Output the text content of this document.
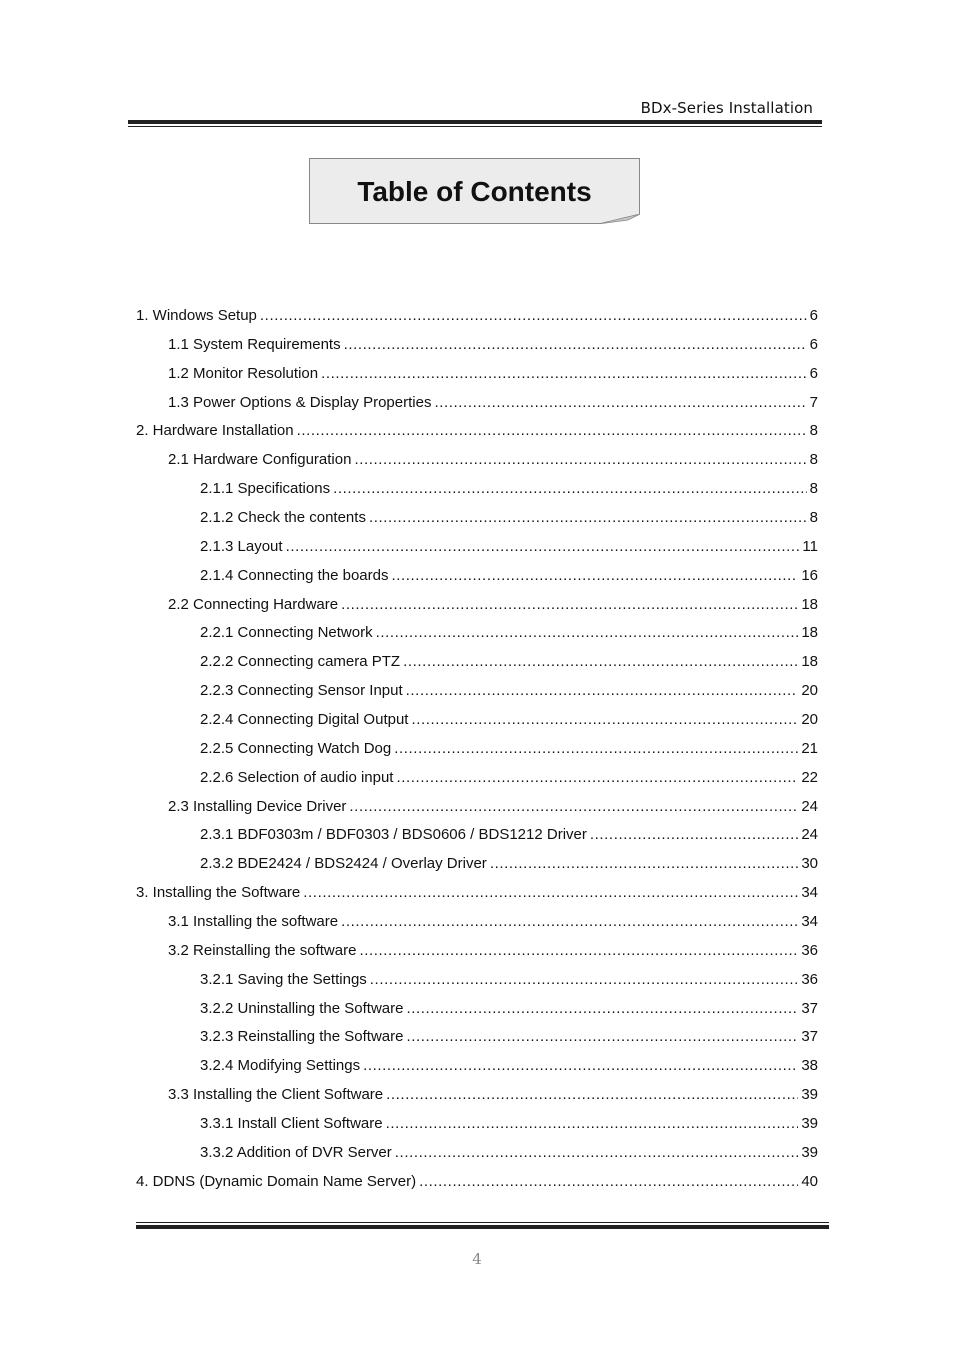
BDx-Series Installation
Table of Contents
1. Windows Setup .....	6
1.1 System Requirements .....	6
1.2 Monitor Resolution .....	6
1.3 Power Options & Display Properties .....	7
2. Hardware Installation .....	8
2.1 Hardware Configuration .....	8
2.1.1 Specifications .....	8
2.1.2 Check the contents .....	8
2.1.3 Layout .....	11
2.1.4 Connecting the boards .....	16
2.2 Connecting Hardware .....	18
2.2.1 Connecting Network .....	18
2.2.2 Connecting camera PTZ .....	18
2.2.3 Connecting Sensor Input .....	20
2.2.4 Connecting Digital Output .....	20
2.2.5 Connecting Watch Dog .....	21
2.2.6 Selection of audio input .....	22
2.3 Installing Device Driver .....	24
2.3.1 BDF0303m / BDF0303 / BDS0606 / BDS1212 Driver .....	24
2.3.2 BDE2424 / BDS2424 / Overlay Driver .....	30
3. Installing the Software .....	34
3.1 Installing the software .....	34
3.2 Reinstalling the software .....	36
3.2.1 Saving the Settings .....	36
3.2.2 Uninstalling the Software .....	37
3.2.3 Reinstalling the Software .....	37
3.2.4 Modifying Settings .....	38
3.3 Installing the Client Software .....	39
3.3.1 Install Client Software .....	39
3.3.2 Addition of DVR Server .....	39
4. DDNS (Dynamic Domain Name Server) .....	40
4
